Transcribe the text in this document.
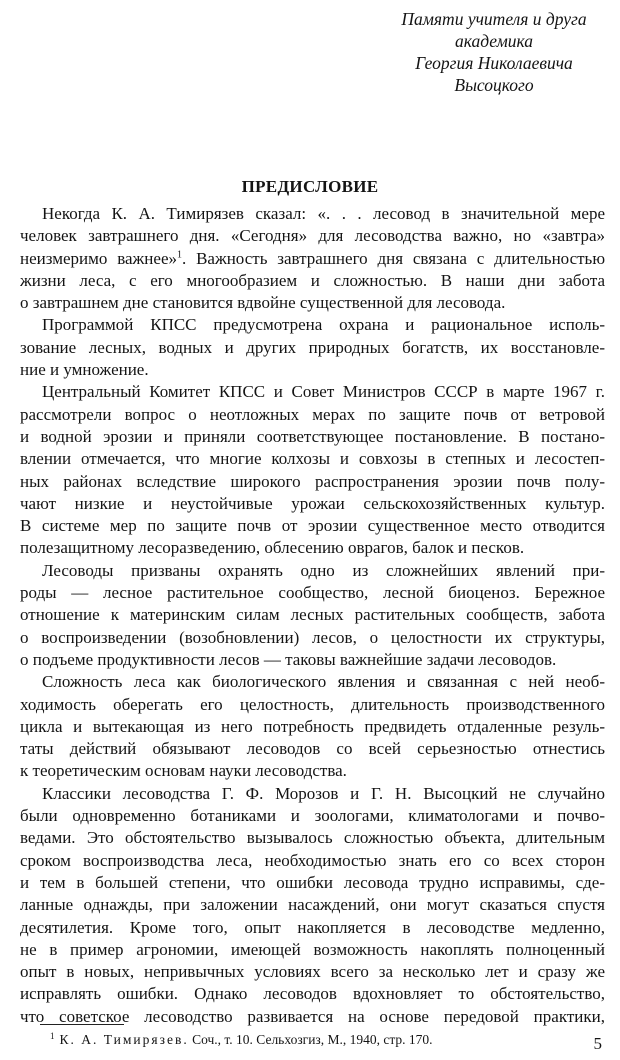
Памяти учителя и друга
академика
Георгия Николаевича
Высоцкого
ПРЕДИСЛОВИЕ
Некогда К. А. Тимирязев сказал: «. . . лесовод в значительной мере
человек завтрашнего дня. «Сегодня» для лесоводства важно, но «завтра»
неизмеримо важнее»$^1$. Важность завтрашнего дня связана с длительностью
жизни леса, с его многообразием и сложностью. В наши дни забота
о завтрашнем дне становится вдвойне существенной для лесовода.
Программой КПСС предусмотрена охрана и рациональное исполь-
зование лесных, водных и других природных богатств, их восстановле-
ние и умножение.
Центральный Комитет КПСС и Совет Министров СССР в марте 1967 г.
рассмотрели вопрос о неотложных мерах по защите почв от ветровой
и водной эрозии и приняли соответствующее постановление. В постано-
влении отмечается, что многие колхозы и совхозы в степных и лесостеп-
ных районах вследствие широкого распространения эрозии почв полу-
чают низкие и неустойчивые урожаи сельскохозяйственных культур.
В системе мер по защите почв от эрозии существенное место отводится
полезащитному лесоразведению, облесению оврагов, балок и песков.
Лесоводы призваны охранять одно из сложнейших явлений при-
роды — лесное растительное сообщество, лесной биоценоз. Бережное
отношение к материнским силам лесных растительных сообществ, забота
о воспроизведении (возобновлении) лесов, о целостности их структуры,
о подъеме продуктивности лесов — таковы важнейшие задачи лесоводов.
Сложность леса как биологического явления и связанная с ней необ-
ходимость оберегать его целостность, длительность производственного
цикла и вытекающая из него потребность предвидеть отдаленные резуль-
таты действий обязывают лесоводов со всей серьезностью отнестись
к теоретическим основам науки лесоводства.
Классики лесоводства Г. Ф. Морозов и Г. Н. Высоцкий не случайно
были одновременно ботаниками и зоологами, климатологами и почво-
ведами. Это обстоятельство вызывалось сложностью объекта, длительным
сроком воспроизводства леса, необходимостью знать его со всех сторон
и тем в большей степени, что ошибки лесовода трудно исправимы, сде-
ланные однажды, при заложении насаждений, они могут сказаться спустя
десятилетия. Кроме того, опыт накопляется в лесоводстве медленно,
не в пример агрономии, имеющей возможность накоплять полноценный
опыт в новых, непривычных условиях всего за несколько лет и сразу же
исправлять ошибки. Однако лесоводов вдохновляет то обстоятельство,
что советское лесоводство развивается на основе передовой практики,
$^1$ К. А. Тимирязев. Соч., т. 10. Сельхозгиз, М., 1940, стр. 170.	5
